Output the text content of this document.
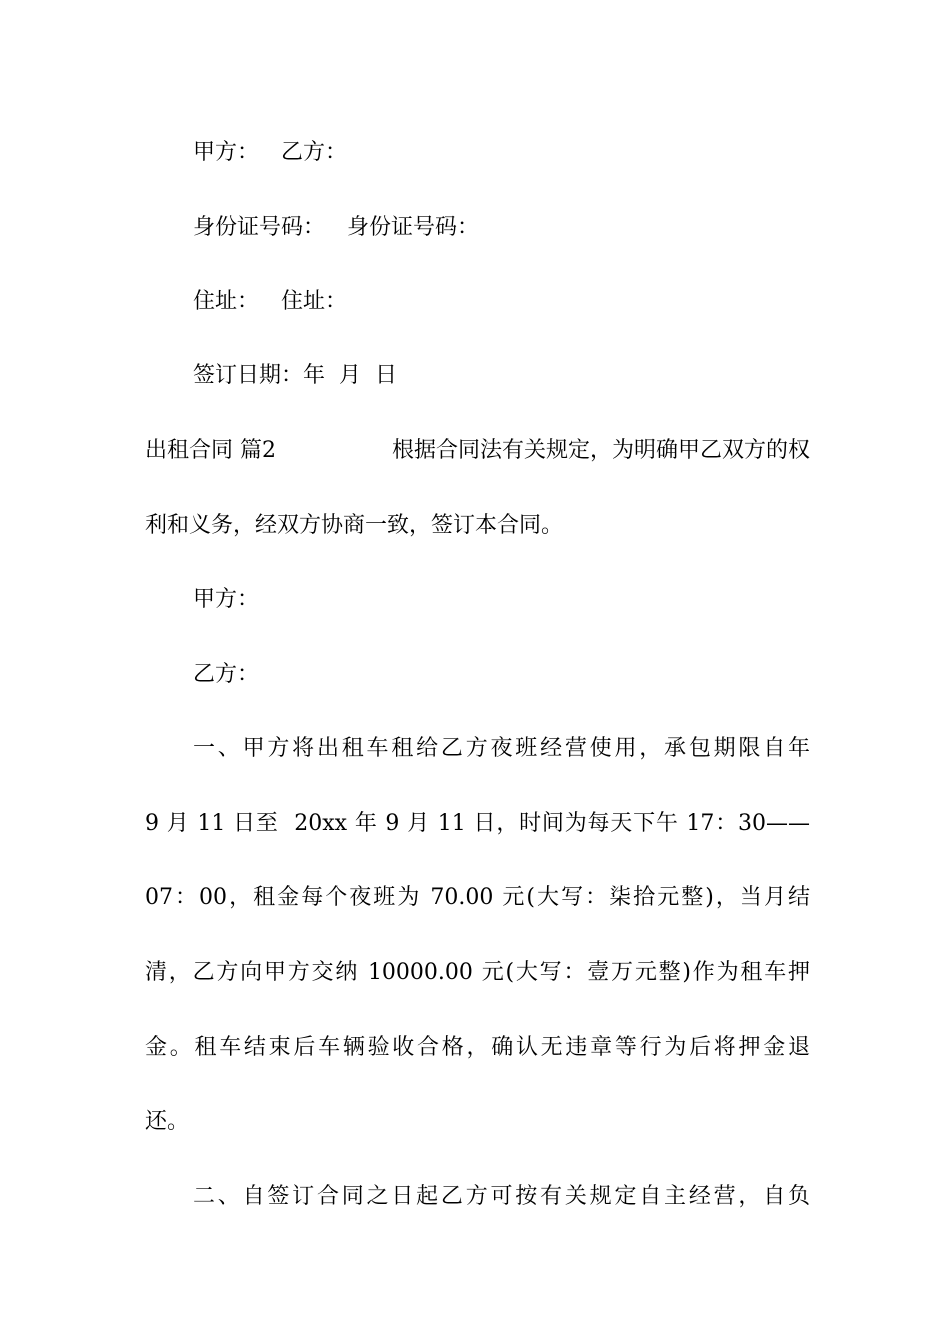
甲方： 乙方：
身份证号码： 身份证号码：
住址： 住址：
签订日期：年  月  日
出租合同 篇2	根据合同法有关规定，为明确甲乙双方的权
利和义务，经双方协商一致，签订本合同。
甲方：
乙方：
一、甲方将出租车租给乙方夜班经营使用，承包期限自年
9 月 11 日至  20xx 年 9 月 11 日，时间为每天下午 17：30——
07：00，租金每个夜班为 70.00 元(大写：柒拾元整)，当月结
清，乙方向甲方交纳 10000.00 元(大写：壹万元整)作为租车押
金。租车结束后车辆验收合格，确认无违章等行为后将押金退
还。
二、自签订合同之日起乙方可按有关规定自主经营，自负
